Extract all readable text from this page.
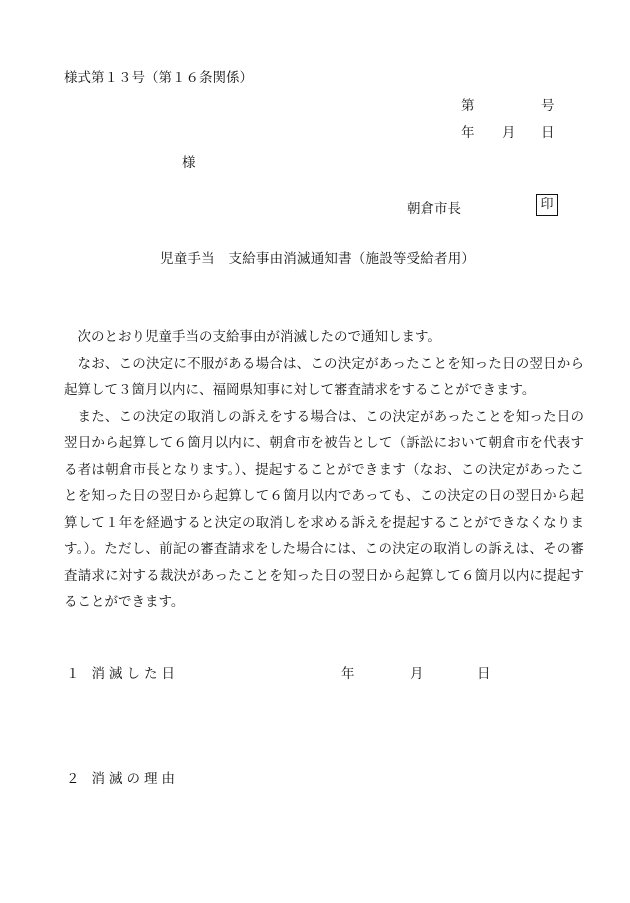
様式第１３号（第１６条関係）
第	号
年 月 日
様
朝倉市長	印
児童手当　支給事由消滅通知書（施設等受給者用）

次のとおり児童手当の支給事由が消滅したので通知します。

なお、この決定に不服がある場合は、この決定があったことを知った日の翌日から起算して３箇月以内に、福岡県知事に対して審査請求をすることができます。

また、この決定の取消しの訴えをする場合は、この決定があったことを知った日の翌日から起算して６箇月以内に、朝倉市を被告として（訴訟において朝倉市を代表する者は朝倉市長となります。）、提起することができます（なお、この決定があったことを知った日の翌日から起算して６箇月以内であっても、この決定の日の翌日から起算して１年を経過すると決定の取消しを求める訴えを提起することができなくなります。）。ただし、前記の審査請求をした場合には、この決定の取消しの訴えは、その審査請求に対する裁決があったことを知った日の翌日から起算して６箇月以内に提起することができます。

１ 消滅した日	年	月	日
２ 消滅の理由
